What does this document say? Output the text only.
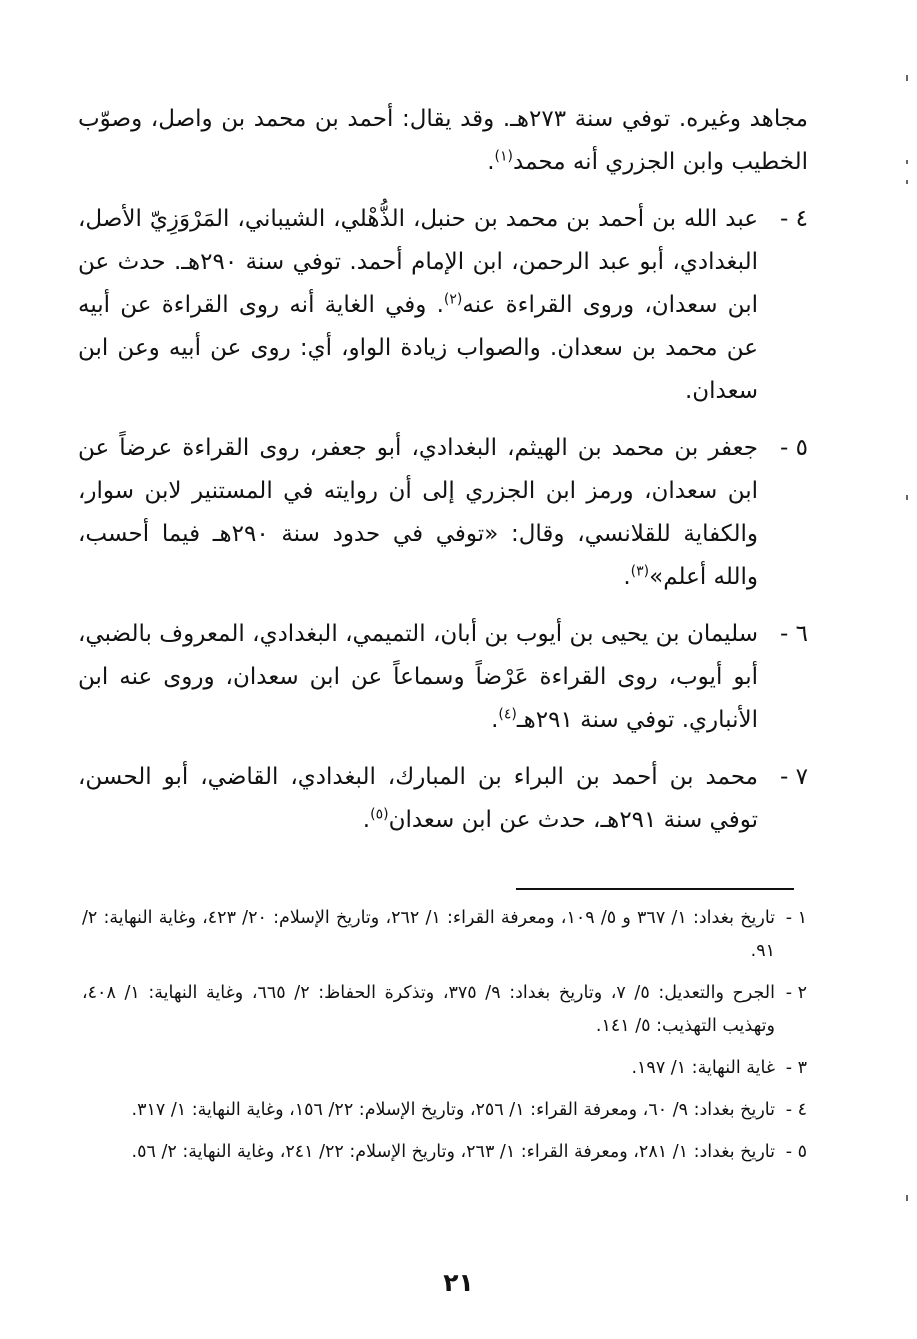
مجاهد وغيره. توفي سنة ٢٧٣هـ. وقد يقال: أحمد بن محمد بن واصل، وصوّب الخطيب وابن الجزري أنه محمد$^{(١)}$.

٤ -
عبد الله بن أحمد بن محمد بن حنبل، الذُّهْلي، الشيباني، المَرْوَزِيّ الأصل، البغدادي، أبو عبد الرحمن، ابن الإمام أحمد. توفي سنة ٢٩٠هـ. حدث عن ابن سعدان، وروى القراءة عنه$^{(٢)}$. وفي الغاية أنه روى القراءة عن أبيه عن محمد بن سعدان. والصواب زيادة الواو، أي: روى عن أبيه وعن ابن سعدان.

٥ -
جعفر بن محمد بن الهيثم، البغدادي، أبو جعفر، روى القراءة عرضاً عن ابن سعدان، ورمز ابن الجزري إلى أن روايته في المستنير لابن سوار، والكفاية للقلانسي، وقال: «توفي في حدود سنة ٢٩٠هـ فيما أحسب، والله أعلم»$^{(٣)}$.

٦ -
سليمان بن يحيى بن أيوب بن أبان، التميمي، البغدادي، المعروف بالضبي، أبو أيوب، روى القراءة عَرْضاً وسماعاً عن ابن سعدان، وروى عنه ابن الأنباري. توفي سنة ٢٩١هـ$^{(٤)}$.

٧ -
محمد بن أحمد بن البراء بن المبارك، البغدادي، القاضي، أبو الحسن، توفي سنة ٢٩١هـ، حدث عن ابن سعدان$^{(٥)}$.

١ -
تاريخ بغداد: ١/ ٣٦٧ و ٥/ ١٠٩، ومعرفة القراء: ١/ ٢٦٢، وتاريخ الإسلام: ٢٠/ ٤٢٣، وغاية النهاية: ٢/ ٩١.

٢ -
الجرح والتعديل: ٥/ ٧، وتاريخ بغداد: ٩/ ٣٧٥، وتذكرة الحفاظ: ٢/ ٦٦٥، وغاية النهاية: ١/ ٤٠٨، وتهذيب التهذيب: ٥/ ١٤١.

٣ -
غاية النهاية: ١/ ١٩٧.

٤ -
تاريخ بغداد: ٩/ ٦٠، ومعرفة القراء: ١/ ٢٥٦، وتاريخ الإسلام: ٢٢/ ١٥٦، وغاية النهاية: ١/ ٣١٧.

٥ -
تاريخ بغداد: ١/ ٢٨١، ومعرفة القراء: ١/ ٢٦٣، وتاريخ الإسلام: ٢٢/ ٢٤١، وغاية النهاية: ٢/ ٥٦.

٢١
